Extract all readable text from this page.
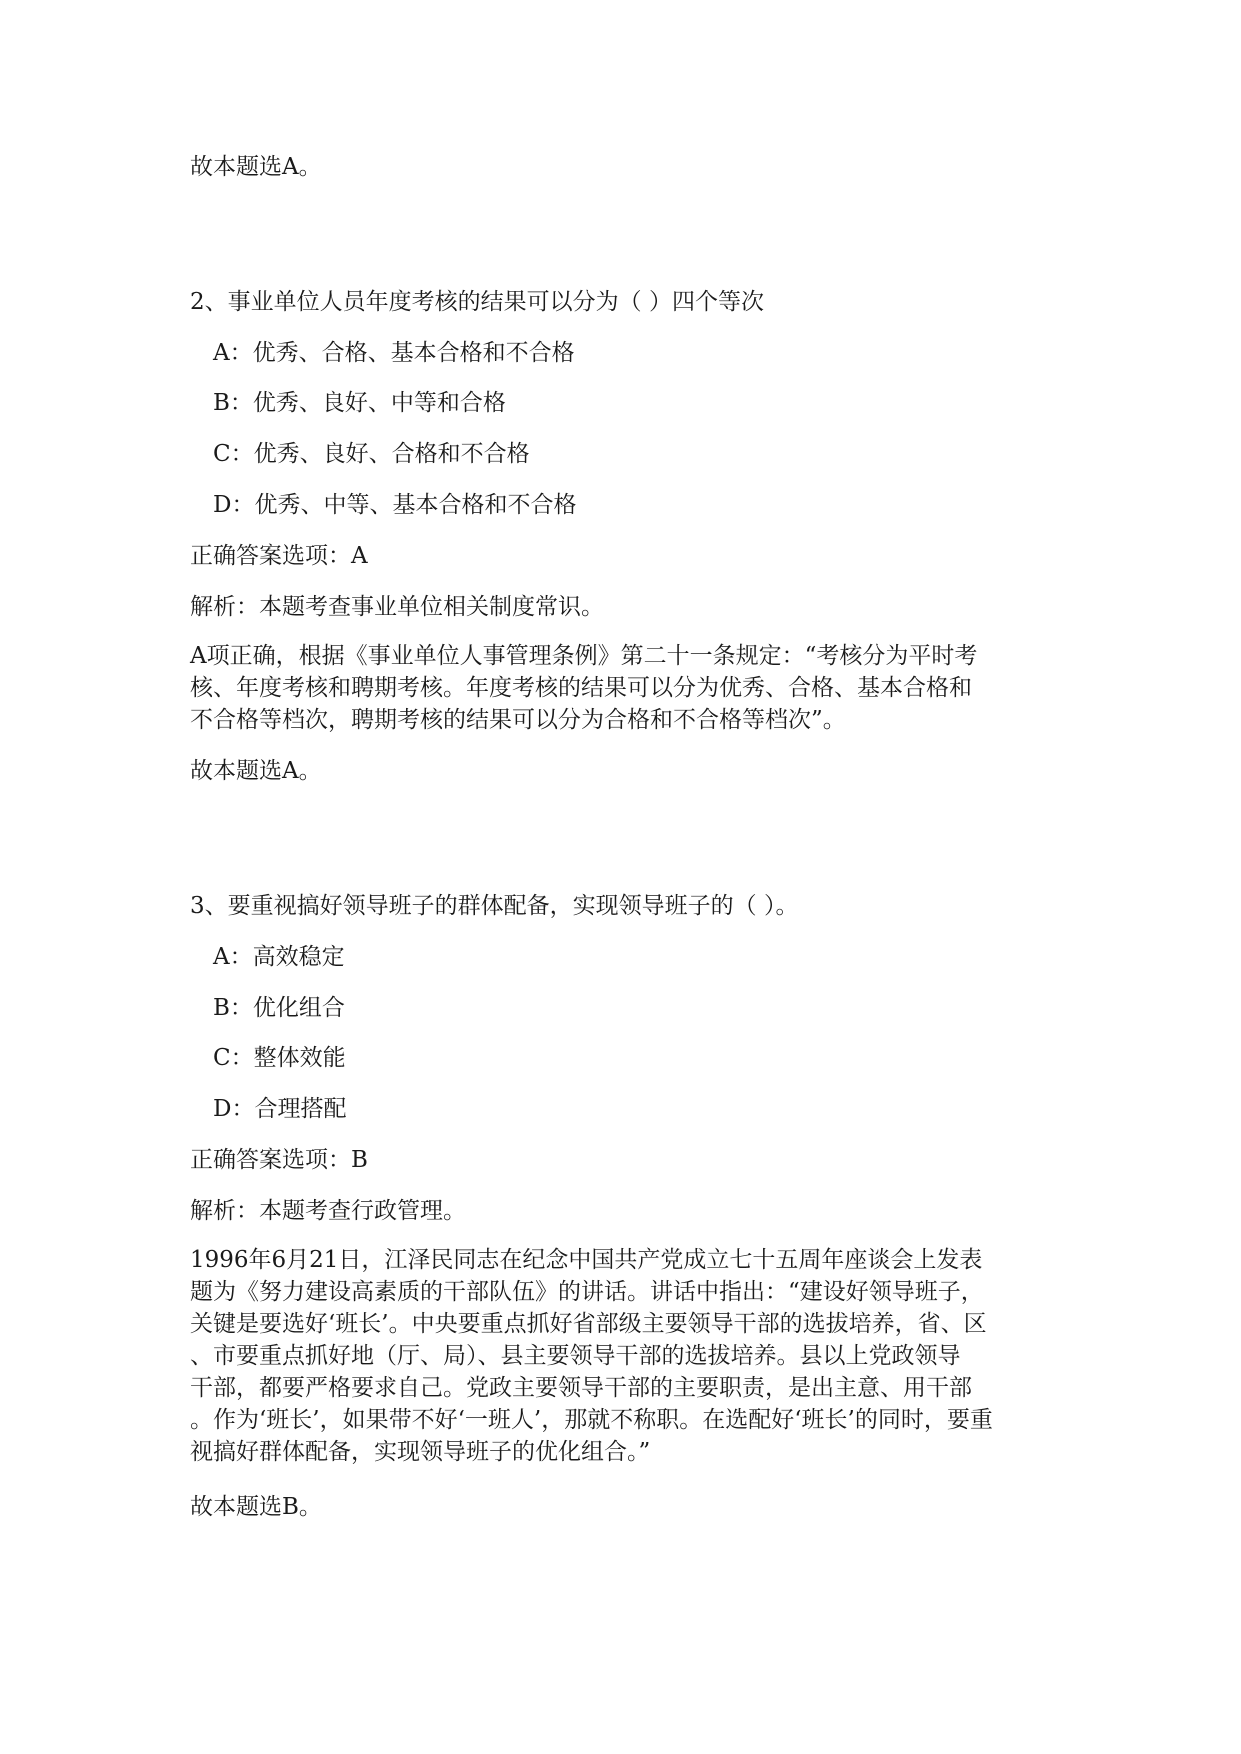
故本题选A。
2、事业单位人员年度考核的结果可以分为（ ）四个等次
A：优秀、合格、基本合格和不合格
B：优秀、良好、中等和合格
C：优秀、良好、合格和不合格
D：优秀、中等、基本合格和不合格
正确答案选项：A
解析：本题考查事业单位相关制度常识。
A项正确，根据《事业单位人事管理条例》第二十一条规定：“考核分为平时考
核、年度考核和聘期考核。年度考核的结果可以分为优秀、合格、基本合格和
不合格等档次，聘期考核的结果可以分为合格和不合格等档次”。
故本题选A。
3、要重视搞好领导班子的群体配备，实现领导班子的（ ）。
A：高效稳定
B：优化组合
C：整体效能
D：合理搭配
正确答案选项：B
解析：本题考查行政管理。
1996年6月21日，江泽民同志在纪念中国共产党成立七十五周年座谈会上发表
题为《努力建设高素质的干部队伍》的讲话。讲话中指出：“建设好领导班子，
关键是要选好‘班长’。中央要重点抓好省部级主要领导干部的选拔培养，省、区
、市要重点抓好地（厅、局）、县主要领导干部的选拔培养。县以上党政领导
干部，都要严格要求自己。党政主要领导干部的主要职责，是出主意、用干部
。作为‘班长’，如果带不好‘一班人’，那就不称职。在选配好‘班长’的同时，要重
视搞好群体配备，实现领导班子的优化组合。”
故本题选B。
